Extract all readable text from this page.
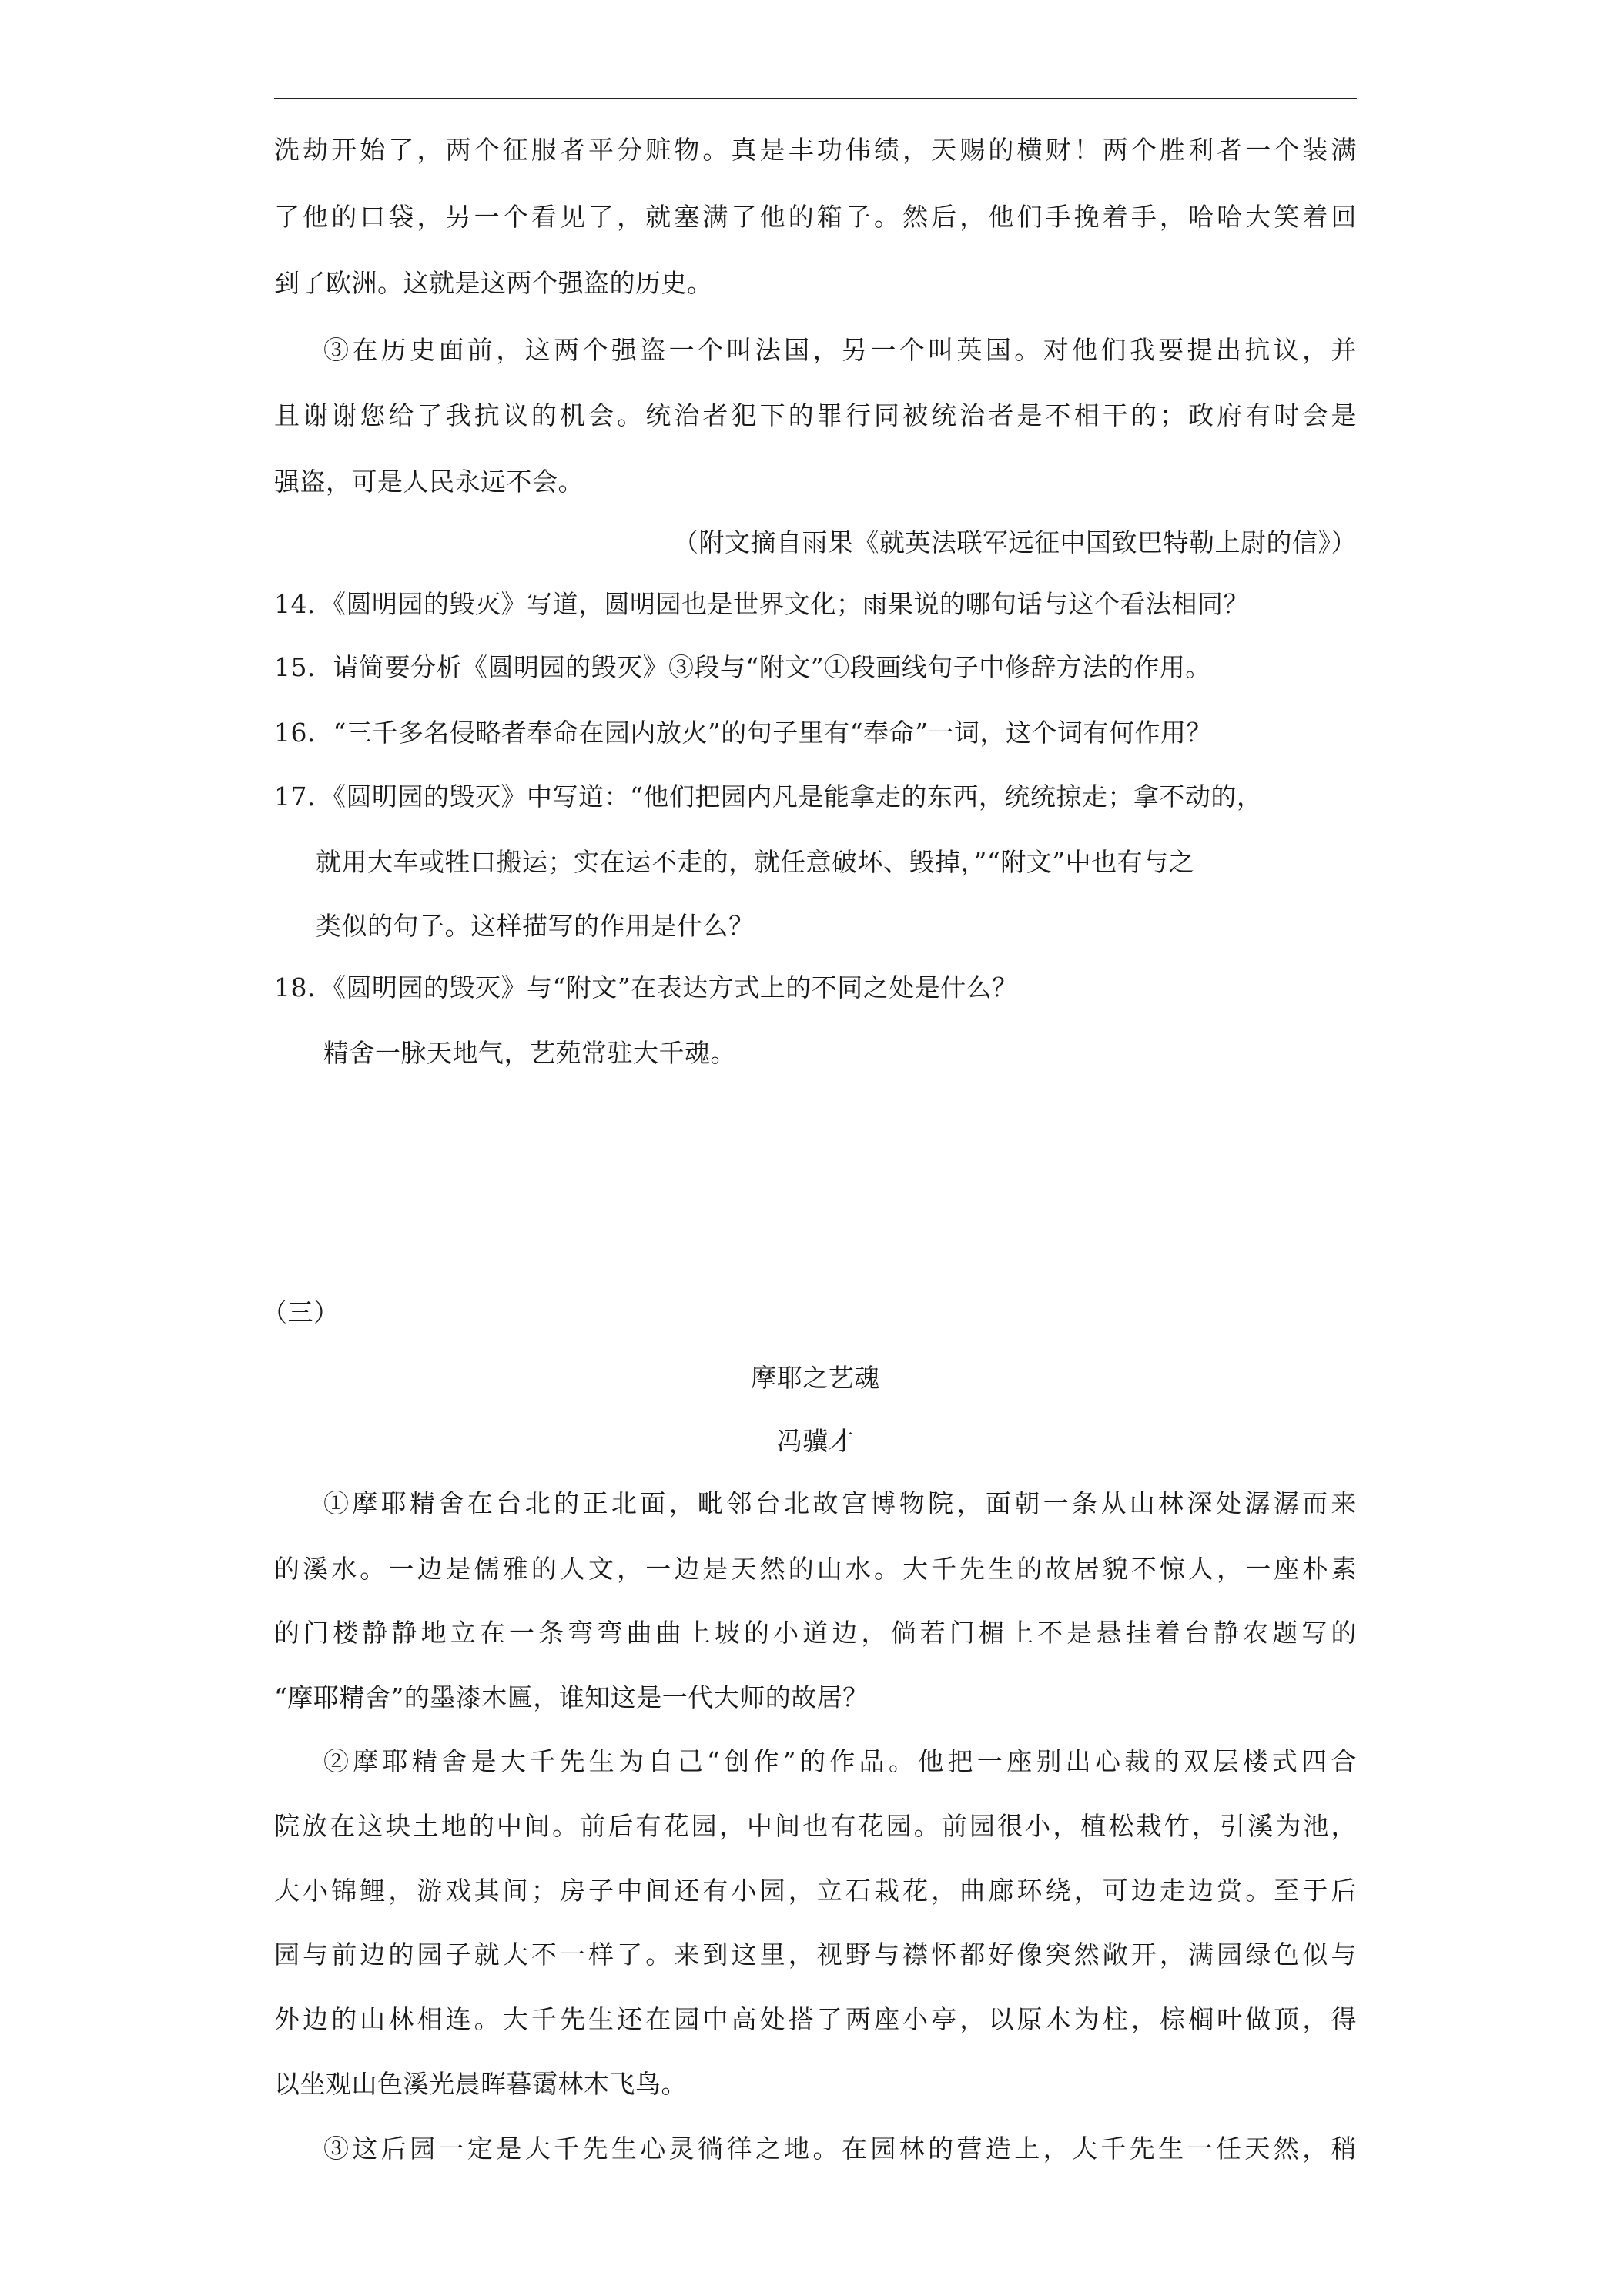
洗劫开始了，两个征服者平分赃物。真是丰功伟绩，天赐的横财！两个胜利者一个装满
了他的口袋，另一个看见了，就塞满了他的箱子。然后，他们手挽着手，哈哈大笑着回
到了欧洲。这就是这两个强盗的历史。
③在历史面前，这两个强盗一个叫法国，另一个叫英国。对他们我要提出抗议，并
且谢谢您给了我抗议的机会。统治者犯下的罪行同被统治者是不相干的；政府有时会是
强盗，可是人民永远不会。
（附文摘自雨果《就英法联军远征中国致巴特勒上尉的信》）
14．《圆明园的毁灭》写道，圆明园也是世界文化；雨果说的哪句话与这个看法相同？
15．请简要分析《圆明园的毁灭》③段与“附文”①段画线句子中修辞方法的作用。
16．“三千多名侵略者奉命在园内放火”的句子里有“奉命”一词，这个词有何作用？
17．《圆明园的毁灭》中写道：“他们把园内凡是能拿走的东西，统统掠走；拿不动的，
就用大车或牲口搬运；实在运不走的，就任意破坏、毁掉，”“附文”中也有与之
类似的句子。这样描写的作用是什么？
18．《圆明园的毁灭》与“附文”在表达方式上的不同之处是什么？
精舍一脉天地气，艺苑常驻大千魂。
（三）
摩耶之艺魂
冯骥才
①摩耶精舍在台北的正北面，毗邻台北故宫博物院，面朝一条从山林深处潺潺而来
的溪水。一边是儒雅的人文，一边是天然的山水。大千先生的故居貌不惊人，一座朴素
的门楼静静地立在一条弯弯曲曲上坡的小道边，倘若门楣上不是悬挂着台静农题写的
“摩耶精舍”的墨漆木匾，谁知这是一代大师的故居？
②摩耶精舍是大千先生为自己“创作”的作品。他把一座别出心裁的双层楼式四合
院放在这块土地的中间。前后有花园，中间也有花园。前园很小，植松栽竹，引溪为池，
大小锦鲤，游戏其间；房子中间还有小园，立石栽花，曲廊环绕，可边走边赏。至于后
园与前边的园子就大不一样了。来到这里，视野与襟怀都好像突然敞开，满园绿色似与
外边的山林相连。大千先生还在园中高处搭了两座小亭，以原木为柱，棕榈叶做顶，得
以坐观山色溪光晨晖暮霭林木飞鸟。
③这后园一定是大千先生心灵徜徉之地。在园林的营造上，大千先生一任天然，稍
